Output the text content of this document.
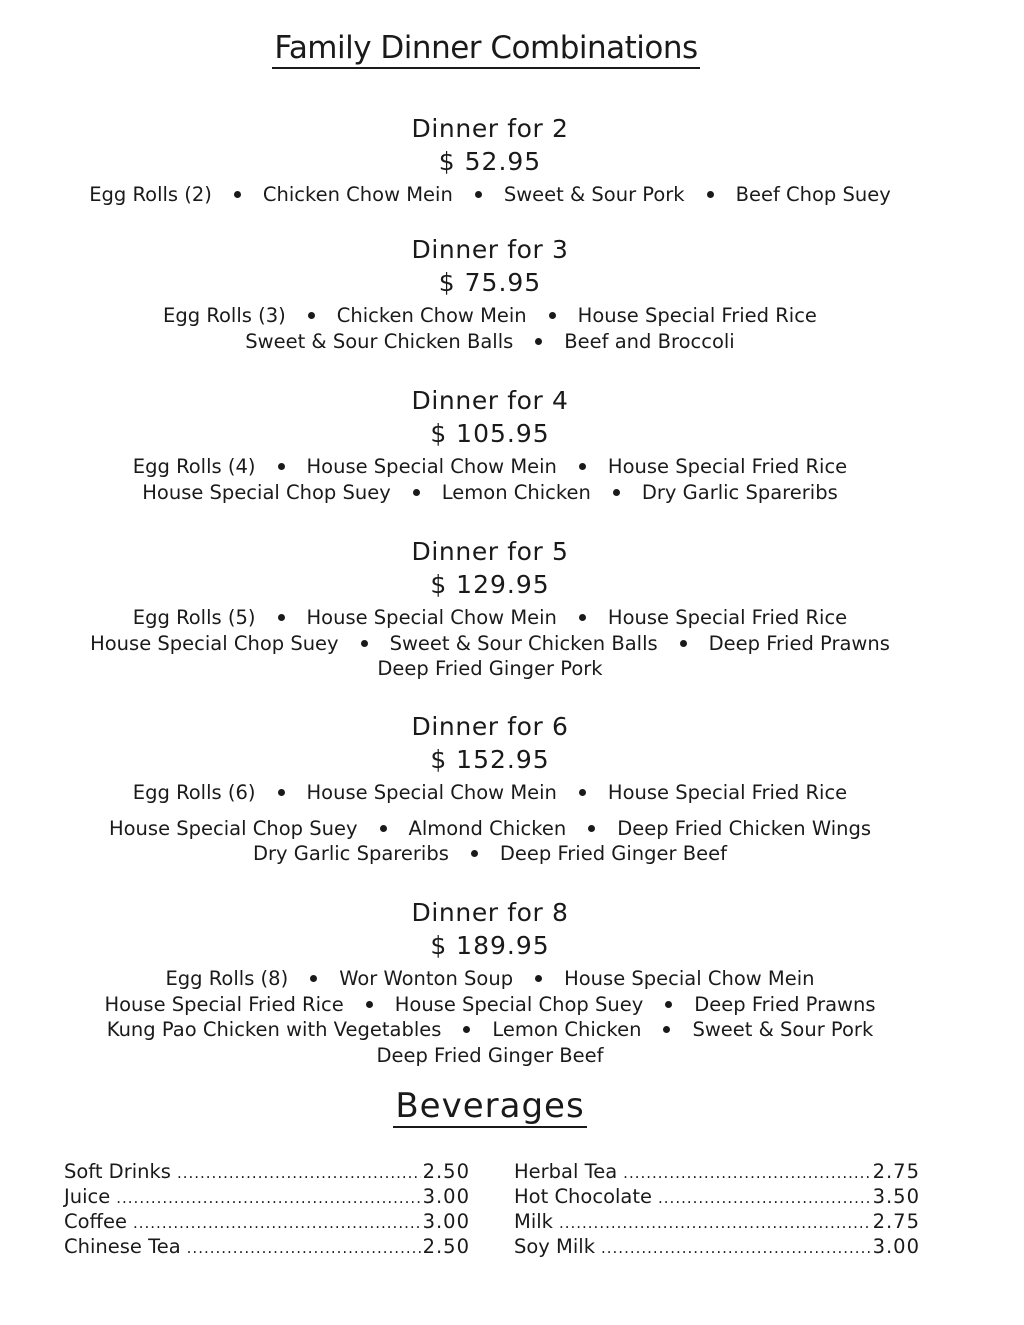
Family Dinner Combinations
Dinner for 2
$ 52.95
Egg Rolls (2)	Chicken Chow Mein	Sweet & Sour Pork	Beef Chop Suey
Dinner for 3
$ 75.95
Egg Rolls (3)	Chicken Chow Mein	House Special Fried Rice
Sweet & Sour Chicken Balls	Beef and Broccoli
Dinner for 4
$ 105.95
Egg Rolls (4)	House Special Chow Mein	House Special Fried Rice
House Special Chop Suey	Lemon Chicken	Dry Garlic Spareribs
Dinner for 5
$ 129.95
Egg Rolls (5)	House Special Chow Mein	House Special Fried Rice
House Special Chop Suey	Sweet & Sour Chicken Balls	Deep Fried Prawns
Deep Fried Ginger Pork
Dinner for 6
$ 152.95
Egg Rolls (6)	House Special Chow Mein	House Special Fried Rice
House Special Chop Suey	Almond Chicken	Deep Fried Chicken Wings
Dry Garlic Spareribs	Deep Fried Ginger Beef
Dinner for 8
$ 189.95
Egg Rolls (8)	Wor Wonton Soup	House Special Chow Mein
House Special Fried Rice	House Special Chop Suey	Deep Fried Prawns
Kung Pao Chicken with Vegetables	Lemon Chicken	Sweet & Sour Pork
Deep Fried Ginger Beef
Beverages
Soft Drinks .....	2.50
Juice .....	3.00
Coffee .....	3.00
Chinese Tea .....	2.50
Herbal Tea .....	2.75
Hot Chocolate .....	3.50
Milk .....	2.75
Soy Milk .....	3.00
